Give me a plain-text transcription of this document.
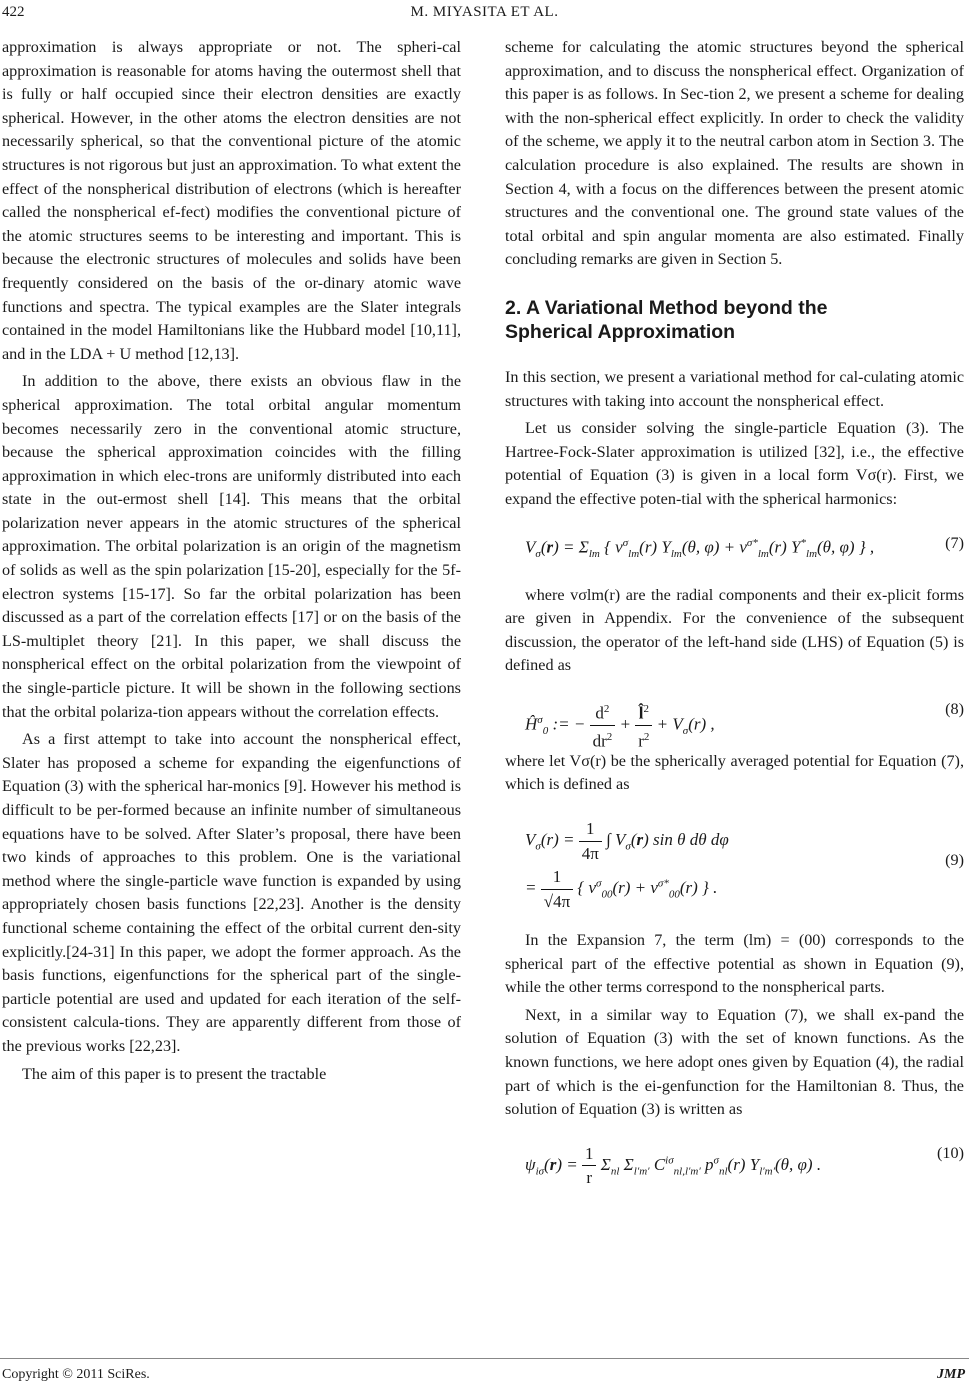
422	M. MIYASITA ET AL.

approximation is always appropriate or not. The spheri-cal approximation is reasonable for atoms having the outermost shell that is fully or half occupied since their electron densities are exactly spherical. However, in the other atoms the electron densities are not necessarily spherical, so that the conventional picture of the atomic structures is not rigorous but just an approximation. To what extent the effect of the nonspherical distribution of electrons (which is hereafter called the nonspherical ef-fect) modifies the conventional picture of the atomic structures seems to be interesting and important. This is because the electronic structures of molecules and solids have been frequently considered on the basis of the or-dinary atomic wave functions and spectra. The typical examples are the Slater integrals contained in the model Hamiltonians like the Hubbard model [10,11], and in the LDA + U method [12,13].

In addition to the above, there exists an obvious flaw in the spherical approximation. The total orbital angular momentum becomes necessarily zero in the conventional atomic structure, because the spherical approximation coincides with the filling approximation in which elec-trons are uniformly distributed into each state in the out-ermost shell [14]. This means that the orbital polarization never appears in the atomic structures of the spherical approximation. The orbital polarization is an origin of the magnetism of solids as well as the spin polarization [15-20], especially for the 5f-electron systems [15-17]. So far the orbital polarization has been discussed as a part of the correlation effects [17] or on the basis of the LS-multiplet theory [21]. In this paper, we shall discuss the nonspherical effect on the orbital polarization from the viewpoint of the single-particle picture. It will be shown in the following sections that the orbital polariza-tion appears without the correlation effects.

As a first attempt to take into account the nonspherical effect, Slater has proposed a scheme for expanding the eigenfunctions of Equation (3) with the spherical har-monics [9]. However his method is difficult to be per-formed because an infinite number of simultaneous equations have to be solved. After Slater’s proposal, there have been two kinds of approaches to this problem. One is the variational method where the single-particle wave function is expanded by using appropriately chosen basis functions [22,23]. Another is the density functional scheme containing the effect of the orbital current den-sity explicitly.[24-31] In this paper, we adopt the former approach. As the basis functions, eigenfunctions for the spherical part of the single-particle potential are used and updated for each iteration of the self-consistent calcula-tions. They are apparently different from those of the previous works [22,23].

The aim of this paper is to present the tractable

scheme for calculating the atomic structures beyond the spherical approximation, and to discuss the nonspherical effect. Organization of this paper is as follows. In Sec-tion 2, we present a scheme for dealing with the non-spherical effect explicitly. In order to check the validity of the scheme, we apply it to the neutral carbon atom in Section 3. The calculation procedure is also explained. The results are shown in Section 4, with a focus on the differences between the present atomic structures and the conventional one. The ground state values of the total orbital and spin angular momenta are also estimated. Finally concluding remarks are given in Section 5.

2. A Variational Method beyond the
Spherical Approximation

In this section, we present a variational method for cal-culating atomic structures with taking into account the nonspherical effect.

Let us consider solving the single-particle Equation (3). The Hartree-Fock-Slater approximation is utilized [32], i.e., the effective potential of Equation (3) is given in a local form Vσ(r). First, we expand the effective poten-tial with the spherical harmonics:

$V_\sigma(r) = \Sigma_{lm}$ { $v^\sigma_{lm}(r)$ $Y_{lm}(\theta$, $\varphi) + v^{\sigma*}_{lm}(r)$ $Y^*_{lm}(\theta$, φ) } ,	(7)

where vσlm(r) are the radial components and their ex-plicit forms are given in Appendix. For the convenience of the subsequent discussion, the operator of the left-hand side (LHS) of Equation (5) is defined as

$Ĥ^\sigma_0$ := − $\frac{d^2}{dr^2} + \frac{l̂^2}{r^2} + V_\sigma(r)$ ,
(8)

where let Vσ(r) be the spherically averaged potential for Equation (7), which is defined as

$V_\sigma(r) = \frac{1}{4\pi}$ ∫ $V_\sigma(r)$ sin θ dθ dφ
= $\frac{1}{√4\pi}$ { $v^\sigma_{00}(r) + v^{\sigma*}_{00}(r)$ } .
(9)

In the Expansion 7, the term (lm) = (00) corresponds to the spherical part of the effective potential as shown in Equation (9), while the other terms correspond to the nonspherical parts.

Next, in a similar way to Equation (7), we shall ex-pand the solution of Equation (3) with the set of known functions. As the known functions, we here adopt ones given by Equation (4), the radial part of which is the ei-genfunction for the Hamiltonian 8. Thus, the solution of Equation (3) is written as

$\psi_{i\sigma}(r) = \frac{1}{r} \Sigma_{nl}$ $\Sigma_{l'm'}$ $C^{i\sigma}_{nl,l'm'}$ $p^\sigma_{nl}(r)$ $Y_{l'm'}(\theta$, φ) .
(10)
Copyright © 2011 SciRes.	JMP
